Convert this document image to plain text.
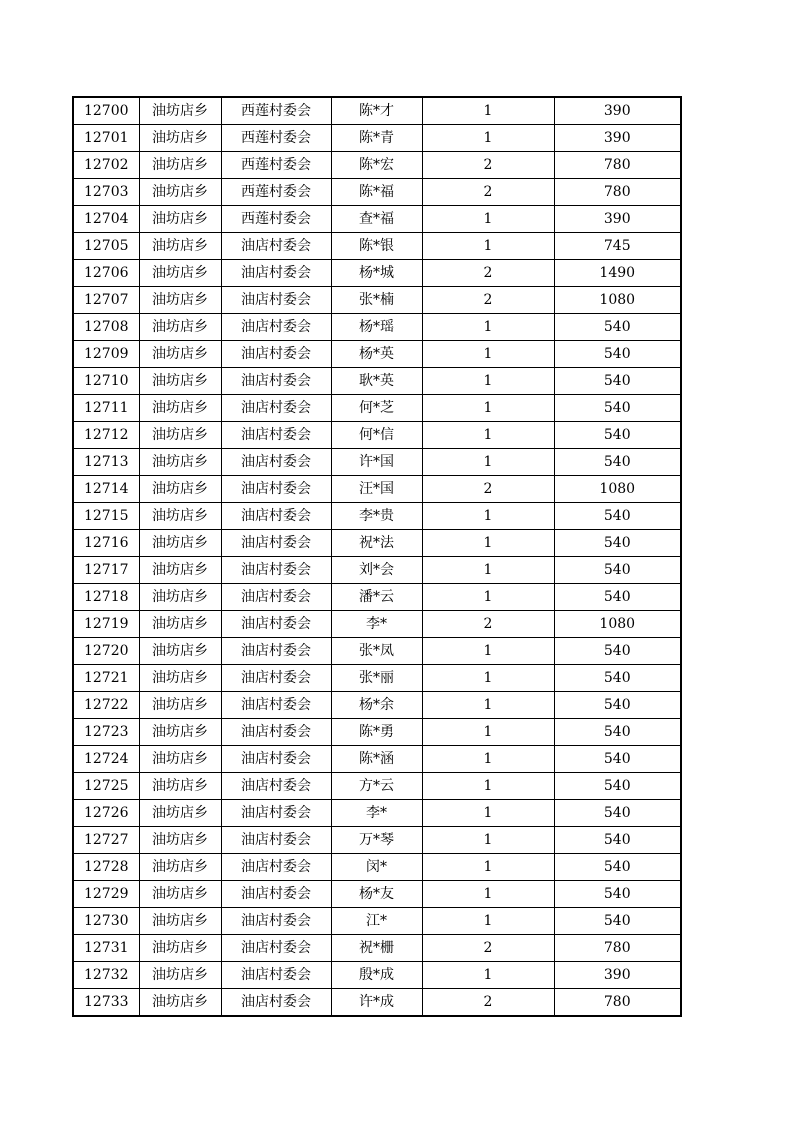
12700	油坊店乡	西莲村委会	陈*才	1	390
12701	油坊店乡	西莲村委会	陈*青	1	390
12702	油坊店乡	西莲村委会	陈*宏	2	780
12703	油坊店乡	西莲村委会	陈*福	2	780
12704	油坊店乡	西莲村委会	查*福	1	390
12705	油坊店乡	油店村委会	陈*银	1	745
12706	油坊店乡	油店村委会	杨*城	2	1490
12707	油坊店乡	油店村委会	张*楠	2	1080
12708	油坊店乡	油店村委会	杨*瑶	1	540
12709	油坊店乡	油店村委会	杨*英	1	540
12710	油坊店乡	油店村委会	耿*英	1	540
12711	油坊店乡	油店村委会	何*芝	1	540
12712	油坊店乡	油店村委会	何*信	1	540
12713	油坊店乡	油店村委会	许*国	1	540
12714	油坊店乡	油店村委会	汪*国	2	1080
12715	油坊店乡	油店村委会	李*贵	1	540
12716	油坊店乡	油店村委会	祝*法	1	540
12717	油坊店乡	油店村委会	刘*会	1	540
12718	油坊店乡	油店村委会	潘*云	1	540
12719	油坊店乡	油店村委会	李*	2	1080
12720	油坊店乡	油店村委会	张*凤	1	540
12721	油坊店乡	油店村委会	张*丽	1	540
12722	油坊店乡	油店村委会	杨*余	1	540
12723	油坊店乡	油店村委会	陈*勇	1	540
12724	油坊店乡	油店村委会	陈*涵	1	540
12725	油坊店乡	油店村委会	方*云	1	540
12726	油坊店乡	油店村委会	李*	1	540
12727	油坊店乡	油店村委会	万*琴	1	540
12728	油坊店乡	油店村委会	闵*	1	540
12729	油坊店乡	油店村委会	杨*友	1	540
12730	油坊店乡	油店村委会	江*	1	540
12731	油坊店乡	油店村委会	祝*栅	2	780
12732	油坊店乡	油店村委会	殷*成	1	390
12733	油坊店乡	油店村委会	许*成	2	780
